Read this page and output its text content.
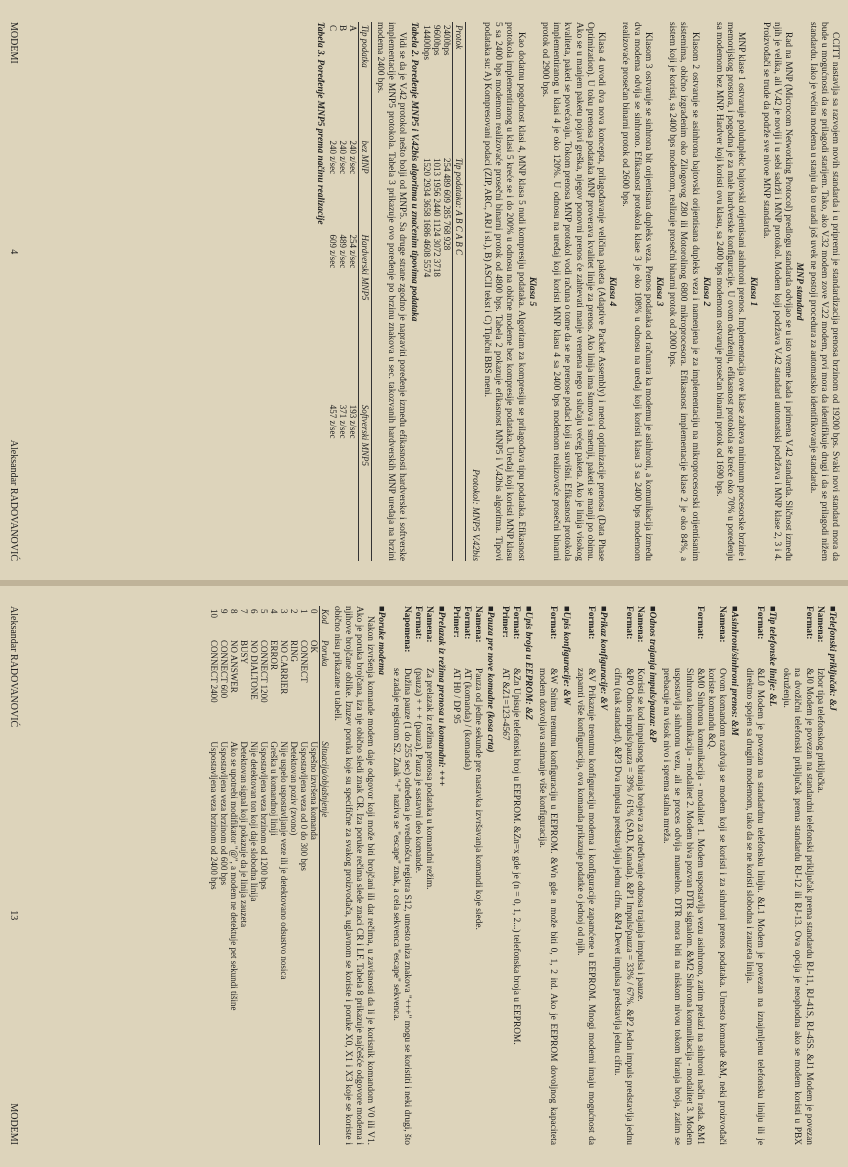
CCITT nastavlja sa razvojem novih standarda i u pripremi je standardizacija prenosa brzinom od 19200 bps. Svaki novi standard mora da bude u mogućnosti da se prilagodi starijem. Tako, ako V.32 modem zove V.22 modem, prvi mora da identifikuje drugi i da se prilagodi nižem standardu. Iako je većina modema u stanju da to uradi još uvek ne postoji procedura za automatsko identifikovanje standarda.

MNP standard

Rad na MNP (Microcom Networking Protocol) predlogu standarda odvijao se u isto vreme kada i primena V.42 standarda. Sličnost između njih je velika, ali V.42 je noviji i u sebi sadrži i MNP protokol. Modem koji podržava V.42 standard automatski podržava i MNP klase 2, 3 i 4. Proizvođači se trude da podrže sve nivoe MNP standarda.

Klasa 1

MNP klase 1 ostvaruje poluduplekс bajtovski orijentisani asinhroni prenos. Implementacija ove klase zahteva minimum procesorske brzine i memorijskog prostora, i pogodna je za male hardverske konfiguracije. U ovom okruženju, efikasnost protokola se kreće oko 70% u poređenju sa modemom bez MNP. Hardver koji koristi ovu klasu, sa 2400 bps modemom ostvaruje prosečan binarni protok od 1690 bps.

Klasa 2

Klasom 2 ostvaruje se asinhrona bajtovski orijentisana dupleks veza i namenjena je za implementaciju na mikroprocesorski orijentisanim sistemima, obično izgrađenim oko Zilogovog Z80 ili Motorolinog 6800 mikroprocesora. Efikasnost implementacije klase 2 je oko 84%, a sistem koji je koristi, sa 2400 bps modemom, realizuje prosečni binarni protok od 2000 bps.

Klasa 3

Klasom 3 ostvaruje se sinhrona bit orijentisana dupleks veza. Prenos podataka od računara ka modemu je asinhroni, a komunikacija između dva modema odvija se sinhrono. Efikasnost protokola klase 3 je oko 108% u odnosu na uređaj koji koristi klasu 3 sa 2400 bps modemom realizovaće prosečan binarni protok od 2600 bps.

Klasa 4

Klasa 4 uvodi dva nova koncepta, prilagođavanje veličina paketa (Adaptive Packet Assembly) i metod optimizacije prenosa (Data Phase Optimization). U toku prenosa podataka MNP proverava kvalitet linije za prenos. Ako linija ima šumova i smetnji, paketi se manji po obimu. Ako se u manjem paketu pojavi greška, njegov ponovni prenos će zahtevati manje vremena nego u slučaju većeg paketa. Ako je linija visokog kvaliteta, paketi se povećavaju. Tokom prenosa MNP protokol vodi računa o tome da se ne prenose podaci koji su suvišni. Efikasnost protokola implementiranog u klasi 4 je oko 120%. U odnosu na uređaj koji koristi MNP klasu 4 sa 2400 bps modemom realizovaće prosečni binarni protok od 2900 bps.

Klasa 5

Kao dodatnu pogodnost klasi 4, MNP klasa 5 nudi kompresiju podataka. Algoritam za kompresiju se prilagođava tipu podataka. Efikasnost protokola implementiranog u klasi 5 kreće se i do 200% u odnosu na obične modeme bez kompresije podataka. Uređaj koji koristi MNP klasu 5 sa 2400 bps modemom realizovaće prosečni binarni protok od 4800 bps. Tabela 2 pokazuje efikasnost MNP5 i V.42bis algoritma. Tipovi podataka su: A) Kompresovani podaci (ZIP, ARC, ARJ i sl.), B) ASCII tekst i C) Tipični BBS meni.

Protokol: MNP5 V.42bis
Protok	Tip podataka: A B C A B C
2400bps	254 489 609 285 768 928
9600bps	1013 1956 2440 1124 3072 3718
14400bps	1520 2934 3658 1686 4608 5574

Tabela 2. Poređenje MNP5 i V.42bis algoritma u značenim tipovima podataka

Vidi se da je V.42 protokol nešto bolji od MNP5. Sa druge strane zgodno je napraviti poređenje između efikasnosti hardverske i softverske implementacije MNP5 protokola. Tabela 3 prikazuje ovo poređenje po brzinu znakova u sec. takozvanih hardverskih MNP uređaja na brzini modema 2400 bps.

Tip podatka	bez MNP	Hardverski MNP5	Softverski MNP5
A	240 z/sec	254 z/sec	193 z/sec
B	240 z/sec	489 z/sec	371 z/sec
C	240 z/sec	609 z/sec	457 z/sec

Tabela 3. Poređenje MNP5 prema načinu realizacije

MODEMI
4
Aleksandar RADOVANOVIĆ
■ Telefonski priključak: &J
Namena:
Izbor tipa telefonskog priključka.
Format:
&J0 Modem je povezan na standardni telefonski priključak prema standardu RJ-11, RJ-41S, RJ-45S. &J1 Modem je povezan na dvožični telefonski priključak prema standardu RJ-12 ili RJ-13. Ova opcija je neophodna ako se modem koristi u PBX okruženju.
■ Tip telefonske linije: &L
Format:
&L0 Modem je povezan na standardnu telefonsku liniju. &L1 Modem je povezan na iznajmljenu telefonsku liniju ili je direktno spojen sa drugim modemom, tako da se ne koristi slobodna i zauzeta linija.
■ Asinhroni/sinhroni prenos: &M
Namena:
Ovom komandom razdvaja se modem koji se koristi i za sinhroni prenos podataka. Umesto komande &M, neki proizvođači koriste komandu &Q.
Format:
&M0 Sinhrona komunikacija - modalitet 1. Modem uspostavlja vezu asinhrono, zatim prelazi na sinhroni način rada. &M1 Sinhrona komunikacija - modalitet 2. Modem biva pozvan DTR signalom. &M2 Sinhrona komunikacija - modalitet 3. Modem uspostavlja sinhronu vezu, ali se proces odvija manuelno. DTR mora biti na niskom nivou tokom biranja broja, zatim se prebacuje na visok nivo i sprema stalna mreža.
■ Odnos trajanja impuls/pauza: &P
Namena:
Koristi se kod impulsnog biranja brojeva za određivanje odnosa trajanja impulsa i pauze.
Format:
&P0 Odnos impuls/pauza = 39% / 61% (SAD, Kanada). &P1 Impuls/pauza = 33% / 67%. &P2 Jedan impuls predstavlja jednu cifru (nak standard). &P3 Dva impulsa predstavljaju jednu cifru. &P4 Devet impulsa predstavlja jednu cifru.
■ Prikaz konfiguracije: &V
Format:
&V Prikazuje trenutnu konfiguraciju modema i konfiguracije zapamćene u EEPROM. Mnogi modemi imaju mogućnost da zapamti više konfiguracija, ova komanda prikazuje podatke o jednoj od njih.
■ Upis konfiguracije: &W
Format:
&W Snima trenutnu konfiguraciju u EEPROM. &Wn gde n može biti 0, 1, 2 itd. Ako je EEPROM dovoljnog kapaciteta modem dozvoljava snimanje više konfiguracija.
■ Upis broja u EEPROM: &Z
Format:
&Zn Upisuje telefonski broj u EEPROM. &Zn=x gde je (n = 0, 1, 2...) telefonska broja u EEPROM.
Primer:
AT &Z1=123-4567
■ Pauza pre nove komadne (kosa crta)
Namena:
Pauza od jedne sekunde pre nastavka izvršavanja komandi koje slede.
Format:
AT (komanda) / (komanda)
Primer:
AT H0 / DP 95
■ Prelazak iz režima prenosa u komandni: +++
Namena:
Za prelazak iz režima prenosa podataka u komandni režim.
Format:
(pauza) + + + (pauza). Pauza je sastavni deo komande.
Napomena:
Dužina pauze (1 do 255 sec) određena je vrednošću registra S12, umesto niza znakova "+++" mogu se koristiti i neki drugi, što se zadaje registrom S2. Znak "+" naziva se "escape" znak, a cela sekvenca "escape" sekvenca.
■ Poruke modema

Nakon izvršenja komande modem daje odgovor koji može biti brojčani ili dat rečima, u zavisnosti da li je korisnik komandom V0 ili V1. Ako je poruka brojčana, iza nje obično sledi znak CR. Iza poruke rečima slede znaci CR i LF. Tabela 8 prikazuje najčešće odgovore modema i njihove brojčane oblike. Izuzev poruka koje su specifične za svakog proizvođača, uglavnom se koriste i poruke X0, X1 i X3 koje se koriste i obično nisu prikazane u tabeli.

Kod	Poruka	Situacija/objašnjenje
0	OK	Uspešno izvršena komanda
1	CONNECT	Uspostavljena veza od 0 do 300 bps
2	RING	Detektovan poziv (zvono)
3	NO CARRIER	Nije uspelo uspostavljanje veze ili je detektovano odsustvo nosica
4	ERROR	Greška u komandnoj liniji
5	CONNECT 1200	Uspostavljena veza brzinom od 1200 bps
6	NO DIALTONE	Nije detektovan ton koji daje slobodna linija
7	BUSY	Detektovan signal koji pokazuje da je linija zauzeta
8	NO ANSWER	Ako se upotrebi modifikator "@", a modem ne detektuje pet sekundi tišine
9	CONNECT 600	Uspostavljena veza brzinom od 600 bps
10	CONNECT 2400	Uspostavljena veza brzinom od 2400 bps
Aleksandar RADOVANOVIĆ
13
MODEMI
